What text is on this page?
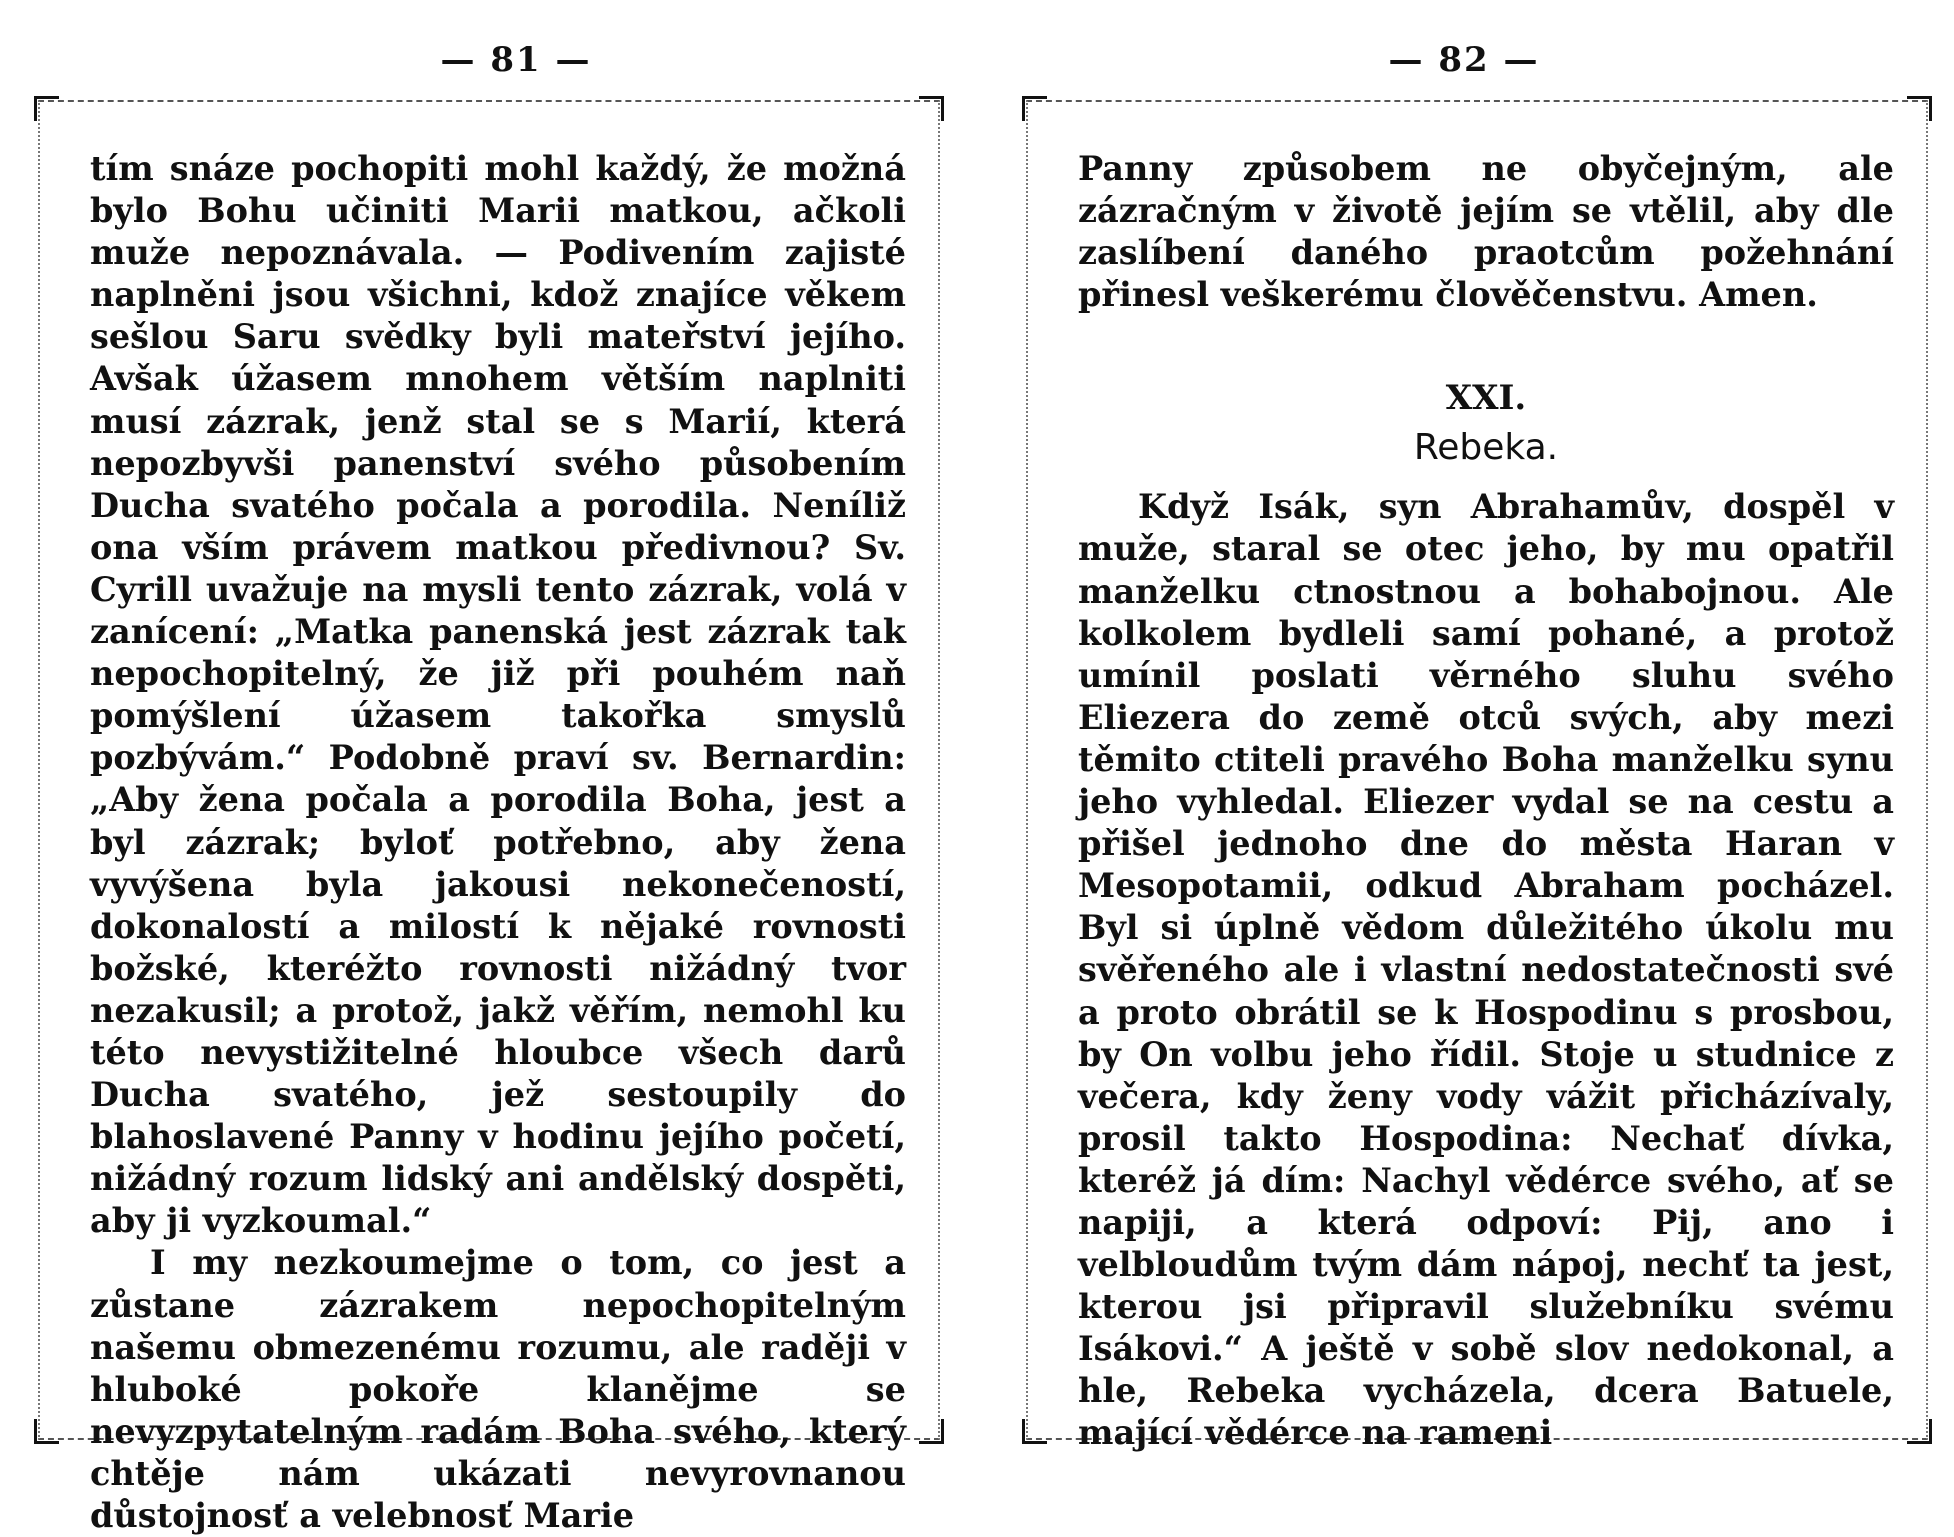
— 81 —	— 82 —

tím snáze pochopiti mohl každý, že možná bylo Bohu učiniti Marii matkou, ačkoli muže nepoznávala. — Podivením zajisté naplněni jsou všichni, kdož znajíce věkem sešlou Saru svědky byli mateřství jejího. Avšak úžasem mnohem větším naplniti musí zázrak, jenž stal se s Marií, která nepozbyvši panenství svého působením Ducha svatého počala a porodila. Neníliž ona vším právem matkou předivnou? Sv. Cyrill uvažuje na mysli tento zázrak, volá v zanícení: „Matka panenská jest zázrak tak nepochopitelný, že již při pouhém naň pomýšlení úžasem takořka smyslů pozbývám.“ Podobně praví sv. Bernardin: „Aby žena počala a porodila Boha, jest a byl zázrak; byloť potřebno, aby žena vyvýšena byla jakousi nekonečeností, dokonalostí a milostí k nějaké rovnosti božské, kteréžto rovnosti nižádný tvor nezakusil; a protož, jakž věřím, nemohl ku této nevystižitelné hloubce všech darů Ducha svatého, jež sestoupily do blahoslavené Panny v hodinu jejího početí, nižádný rozum lidský ani andělský dospěti, aby ji vyzkoumal.“

I my nezkoumejme o tom, co jest a zůstane zázrakem nepochopitelným našemu obmezenému rozumu, ale raději v hluboké pokoře klanějme se nevyzpytatelným radám Boha svého, který chtěje nám ukázati nevyrovnanou důstojnosť a velebnosť Marie

Panny způsobem ne obyčejným, ale zázračným v životě jejím se vtělil, aby dle zaslíbení daného praotcům požehnání přinesl veškerému člověčenstvu. Amen.

XXI.
Rebeka.

Když Isák, syn Abrahamův, dospěl v muže, staral se otec jeho, by mu opatřil manželku ctnostnou a bohabojnou. Ale kolkolem bydleli samí pohané, a protož umínil poslati věrného sluhu svého Eliezera do země otců svých, aby mezi těmito ctiteli pravého Boha manželku synu jeho vyhledal. Eliezer vydal se na cestu a přišel jednoho dne do města Haran v Mesopotamii, odkud Abraham pocházel. Byl si úplně vědom důležitého úkolu mu svěřeného ale i vlastní nedostatečnosti své a proto obrátil se k Hospodinu s prosbou, by On volbu jeho řídil. Stoje u studnice z večera, kdy ženy vody vážit přicházívaly, prosil takto Hospodina: Nechať dívka, kteréž já dím: Nachyl vědérce svého, ať se napiji, a která odpoví: Pij, ano i velbloudům tvým dám nápoj, nechť ta jest, kterou jsi připravil služebníku svému Isákovi.“ A ještě v sobě slov nedokonal, a hle, Rebeka vycházela, dcera Batuele, mající vědérce na rameni
